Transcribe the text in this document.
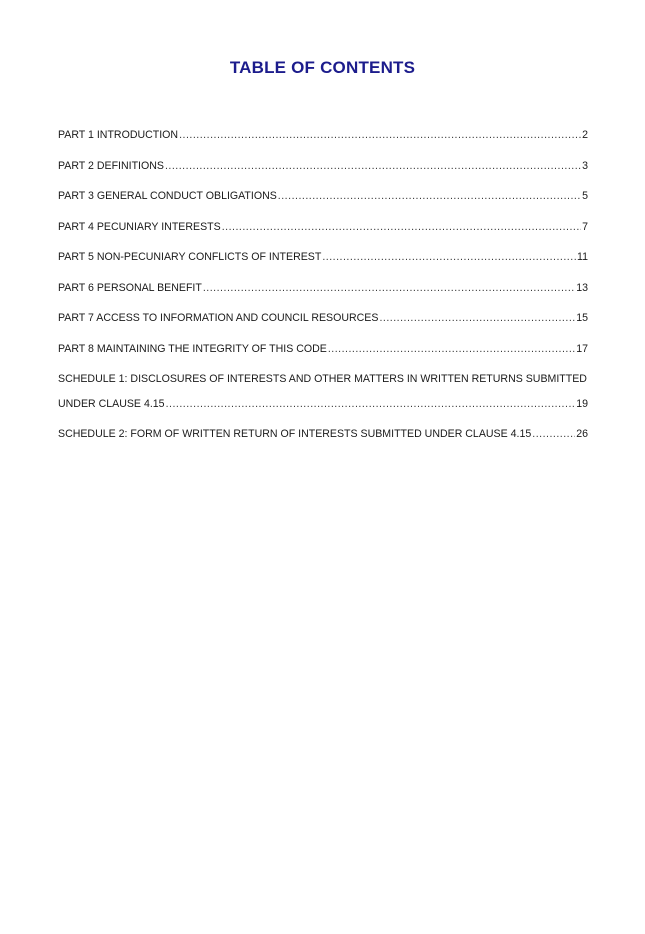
TABLE OF CONTENTS
PART 1 INTRODUCTION .....	2
PART 2 DEFINITIONS .....	3
PART 3 GENERAL CONDUCT OBLIGATIONS .....	5
PART 4 PECUNIARY INTERESTS .....	7
PART 5 NON-PECUNIARY CONFLICTS OF INTEREST .....	11
PART 6 PERSONAL BENEFIT .....	13
PART 7 ACCESS TO INFORMATION AND COUNCIL RESOURCES .....	15
PART 8 MAINTAINING THE INTEGRITY OF THIS CODE .....	17
SCHEDULE 1: DISCLOSURES OF INTERESTS AND OTHER MATTERS IN WRITTEN RETURNS SUBMITTED
UNDER CLAUSE 4.15 .....	19
SCHEDULE 2: FORM OF WRITTEN RETURN OF INTERESTS SUBMITTED UNDER CLAUSE 4.15 .....	26
